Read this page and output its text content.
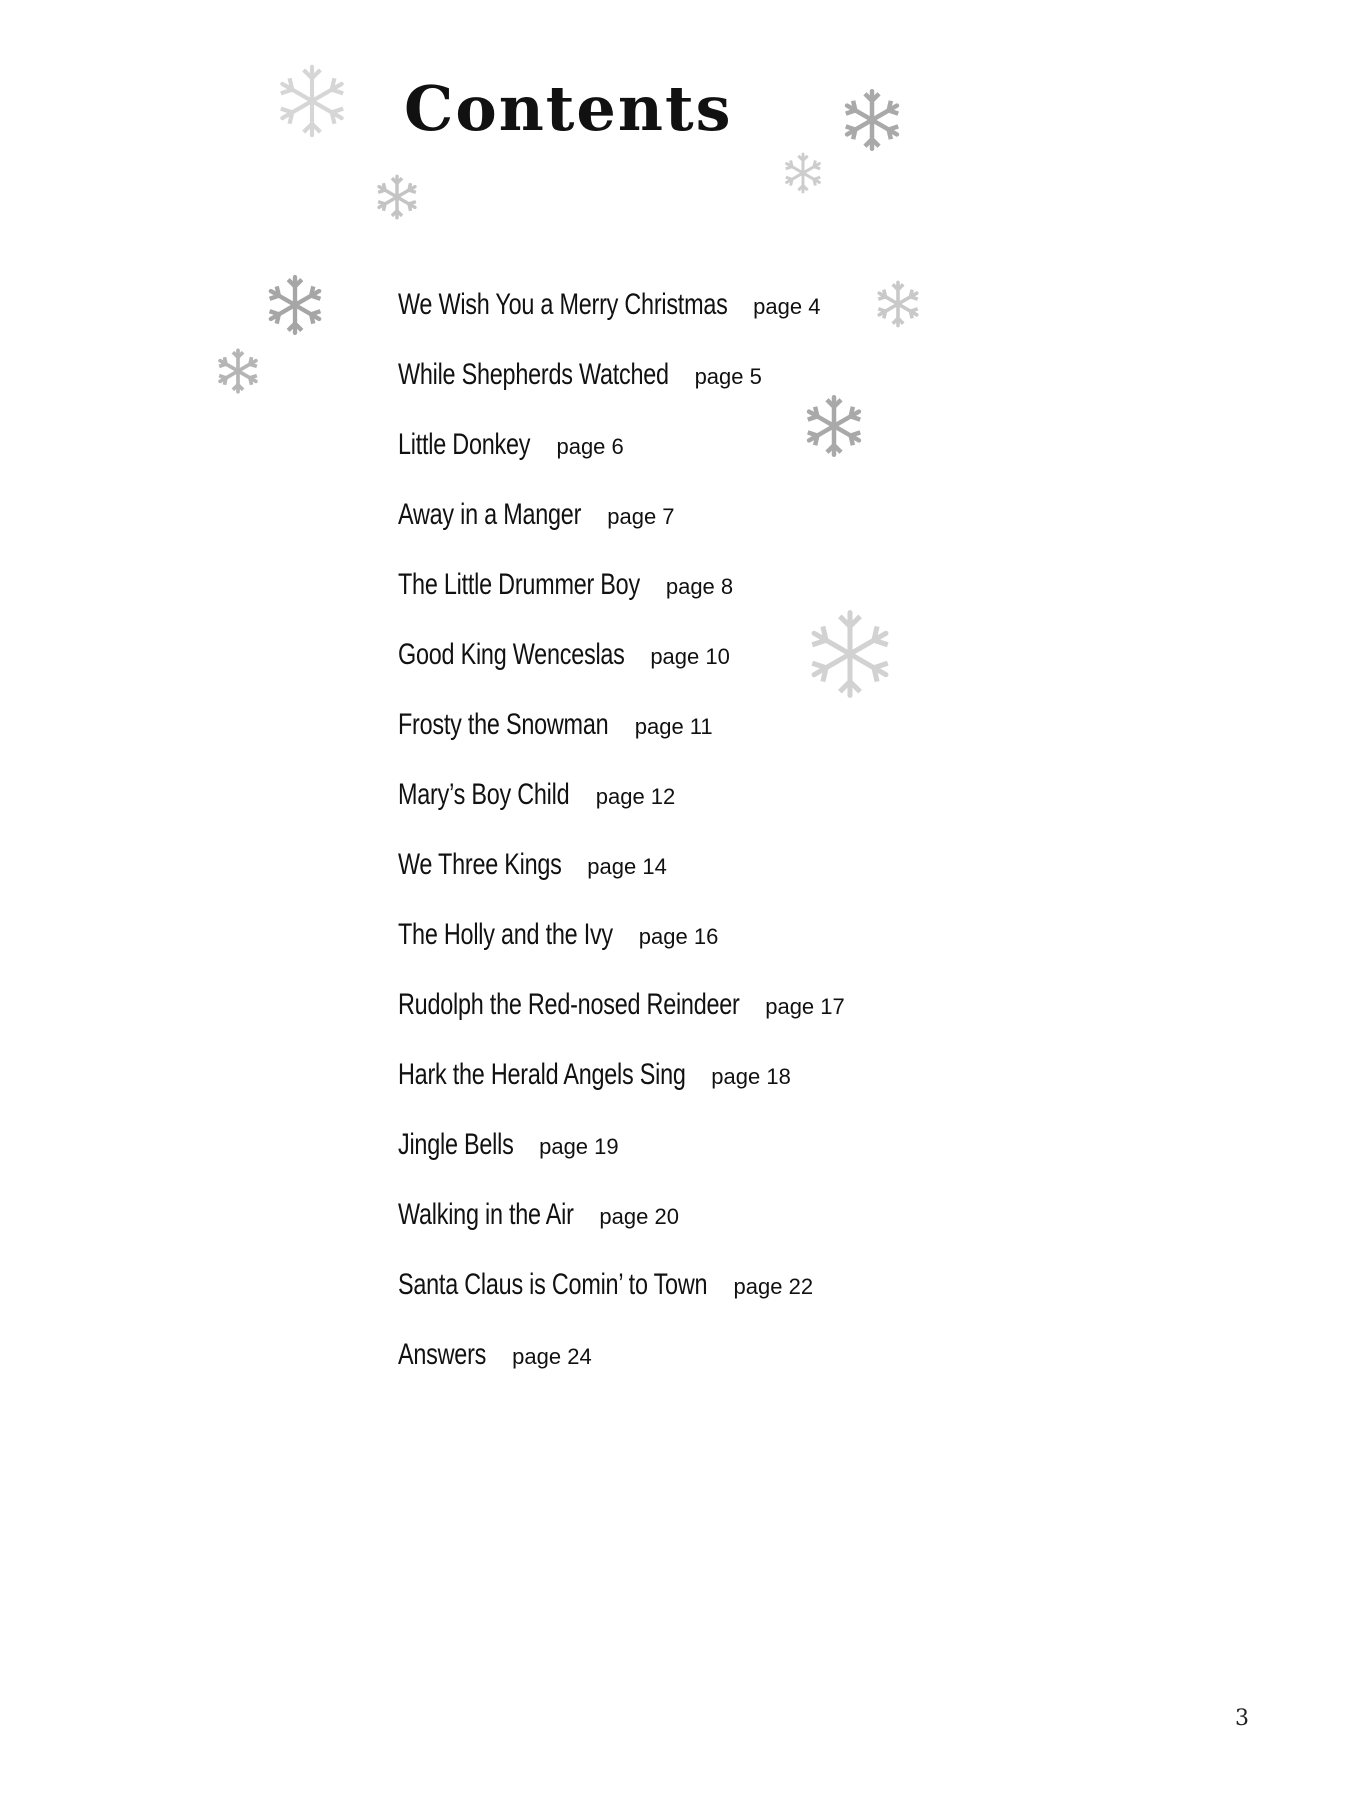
Contents
We Wish You a Merry Christmas page 4
While Shepherds Watched page 5
Little Donkey page 6
Away in a Manger page 7
The Little Drummer Boy page 8
Good King Wenceslas page 10
Frosty the Snowman page 11
Mary’s Boy Child page 12
We Three Kings page 14
The Holly and the Ivy page 16
Rudolph the Red-nosed Reindeer page 17
Hark the Herald Angels Sing page 18
Jingle Bells page 19
Walking in the Air page 20
Santa Claus is Comin’ to Town page 22
Answers page 24
3
